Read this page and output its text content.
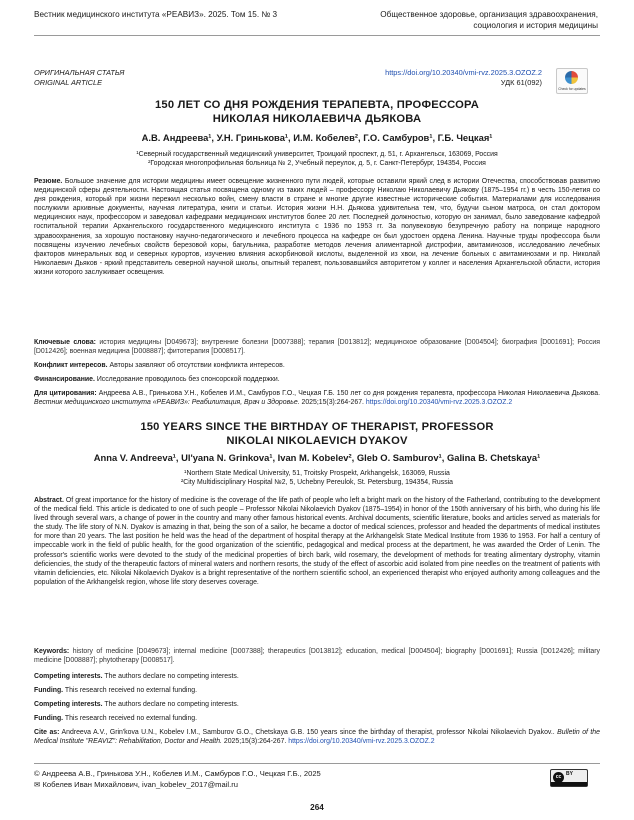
Вестник медицинского института «РЕАВИЗ». 2025. Том 15. № 3	Общественное здоровье, организация здравоохранения,
социология и история медицины
ОРИГИНАЛЬНАЯ СТАТЬЯ
ORIGINAL ARTICLE
https://doi.org/10.20340/vmi-rvz.2025.3.OZOZ.2
УДК 61(092)
Check for updates
150 ЛЕТ СО ДНЯ РОЖДЕНИЯ ТЕРАПЕВТА, ПРОФЕССОРА
НИКОЛАЯ НИКОЛАЕВИЧА ДЬЯКОВА
А.В. Андреева¹, У.Н. Гринькова¹, И.М. Кобелев², Г.О. Самбуров¹, Г.Б. Чецкая¹
¹Северный государственный медицинский университет, Троицкий проспект, д. 51, г. Архангельск, 163069, Россия
²Городская многопрофильная больница № 2, Учебный переулок, д. 5, г. Санкт-Петербург, 194354, Россия
Резюме. Большое значение для истории медицины имеет освещение жизненного пути людей, которые оставили яркий след в истории Отечества, способствовав развитию медицинской сферы деятельности. Настоящая статья посвящена одному из таких людей – профессору Николаю Николаевичу Дьякову (1875–1954 гг.) в честь 150-летия со дня рождения, который при жизни пережил несколько войн, смену власти в стране и многие другие известные исторические события. Материалами для исследования послужили архивные документы, научная литература, книги и статьи. История жизни Н.Н. Дьякова удивительна тем, что, будучи сыном матроса, он стал доктором медицинских наук, профессором и заведовал кафедрами медицинских институтов более 20 лет. Последней должностью, которую он занимал, было заведование кафедрой госпитальной терапии Архангельского государственного медицинского института с 1936 по 1953 гг. За полувековую безупречную работу на поприще народного здравоохранения, за хорошую постановку научно-педагогического и лечебного процесса на кафедре он был удостоен ордена Ленина. Научные труды профессора были посвящены изучению лечебных свойств березовой коры, багульника, разработке методов лечения алиментарной дистрофии, авитаминозов, исследованию лечебных факторов минеральных вод и северных курортов, изучению влияния аскорбиновой кислоты, выделенной из хвои, на лечение больных с авитаминозами и пр. Николай Николаевич Дьяков - яркий представитель северной научной школы, опытный терапевт, пользовавшийся авторитетом у коллег и населения Архангельской области, история жизни которого заслуживает освещения.
Ключевые слова: история медицины [D049673]; внутренние болезни [D007388]; терапия [D013812]; медицинское образование [D004504]; биография [D001691]; Россия [D012426]; военная медицина [D008887]; фитотерапия [D008517].
Конфликт интересов. Авторы заявляют об отсутствии конфликта интересов.
Финансирование. Исследование проводилось без спонсорской поддержки.
Для цитирования: Андреева А.В., Гринькова У.Н., Кобелев И.М., Самбуров Г.О., Чецкая Г.Б. 150 лет со дня рождения терапевта, профессора Николая Николаевича Дьякова. Вестник медицинского института «РЕАВИЗ»: Реабилитация, Врач и Здоровье. 2025;15(3):264-267. https://doi.org/10.20340/vmi-rvz.2025.3.OZOZ.2
150 YEARS SINCE THE BIRTHDAY OF THERAPIST, PROFESSOR
NIKOLAI NIKOLAEVICH DYAKOV
Anna V. Andreeva¹, Ul'yana N. Grinkova¹, Ivan M. Kobelev², Gleb O. Samburov¹, Galina B. Chetskaya¹
¹Northern State Medical University, 51, Troitsky Prospekt, Arkhangelsk, 163069, Russia
²City Multidisciplinary Hospital №2, 5, Uchebny Pereulok, St. Petersburg, 194354, Russia
Abstract. Of great importance for the history of medicine is the coverage of the life path of people who left a bright mark on the history of the Fatherland, contributing to the development of the medical field. This article is dedicated to one of such people – Professor Nikolai Nikolaevich Dyakov (1875–1954) in honor of the 150th anniversary of his birth, who during his life lived through several wars, a change of power in the country and many other famous historical events. Archival documents, scientific literature, books and articles served as materials for the study. The life story of N.N. Dyakov is amazing in that, being the son of a sailor, he became a doctor of medical sciences, professor and headed the departments of medical institutes for more than 20 years. The last position he held was the head of the department of hospital therapy at the Arkhangelsk State Medical Institute from 1936 to 1953. For half a century of impeccable work in the field of public health, for the good organization of the scientific, pedagogical and medical process at the department, he was awarded the Order of Lenin. The professor's scientific works were devoted to the study of the medicinal properties of birch bark, wild rosemary, the development of methods for treating alimentary dystrophy, vitamin deficiencies, the study of the therapeutic factors of mineral waters and northern resorts, the study of the effect of ascorbic acid isolated from pine needles on the treatment of patients with vitamin deficiencies, etc. Nikolai Nikolaevich Dyakov is a bright representative of the northern scientific school, an experienced therapist who enjoyed authority among colleagues and the population of the Arkhangelsk region, whose life story deserves coverage.
Keywords: history of medicine [D049673]; internal medicine [D007388]; therapeutics [D013812]; education, medical [D004504]; biography [D001691]; Russia [D012426]; military medicine [D008887]; phytotherapy [D008517].
Competing interests. The authors declare no competing interests.
Funding. This research received no external funding.
Competing interests. The authors declare no competing interests.
Funding. This research received no external funding.
Cite as: Andreeva A.V., Grin'kova U.N., Kobelev I.M., Samburov G.O., Chetskaya G.B. 150 years since the birthday of therapist, professor Nikolai Nikolaevich Dyakov.. Bulletin of the Medical Institute "REAVIZ": Rehabilitation, Doctor and Health. 2025;15(3):264-267. https://doi.org/10.20340/vmi-rvz.2025.3.OZOZ.2
© Андреева А.В., Гринькова У.Н., Кобелев И.М., Самбуров Г.О., Чецкая Г.Б., 2025
✉ Кобелев Иван Михайлович, ivan_kobelev_2017@mail.ru
cc BY
264
